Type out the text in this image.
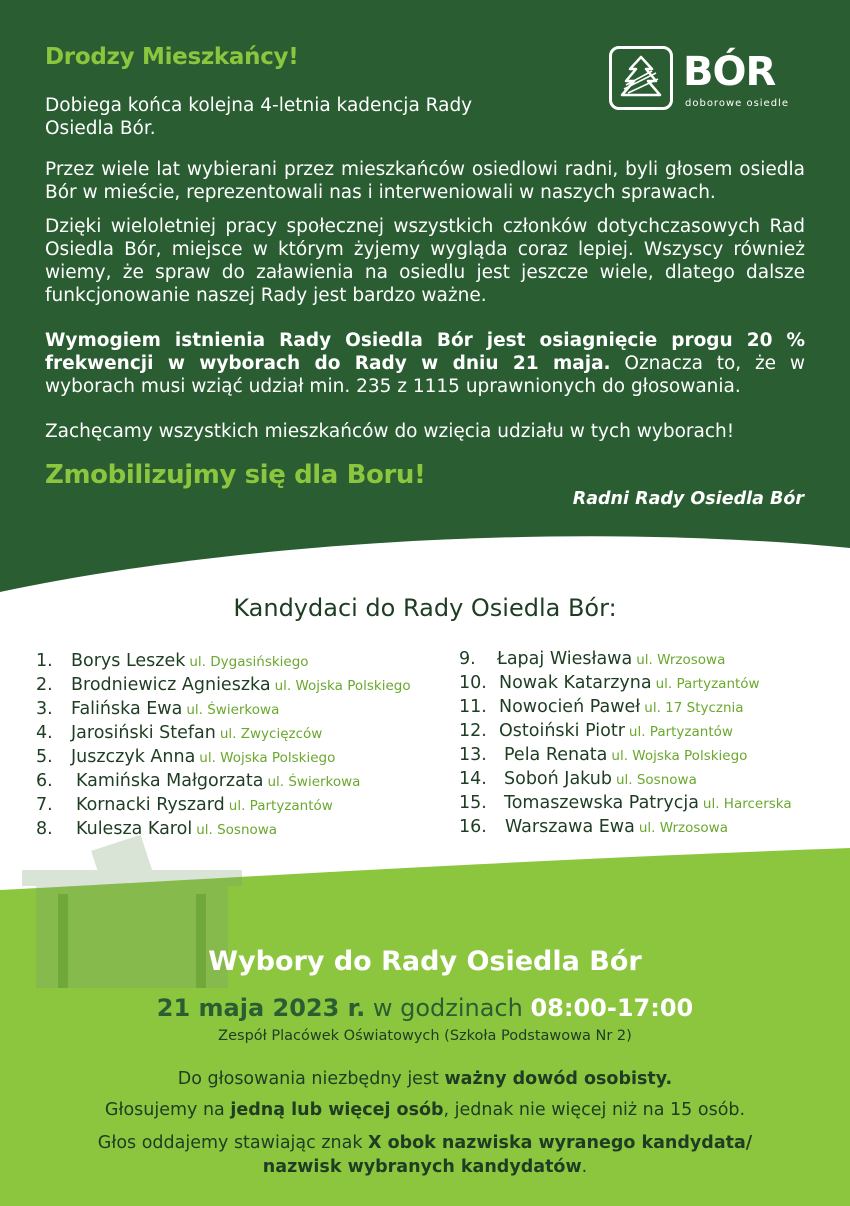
BÓR
doborowe osiedle
Drodzy Mieszkańcy!
Dobiega końca kolejna 4-letnia kadencja Rady Osiedla Bór.
Przez wiele lat wybierani przez mieszkańców osiedlowi radni, byli głosem osiedla Bór w mieście, reprezentowali nas i interweniowali w naszych sprawach.
Dzięki wieloletniej pracy społecznej wszystkich członków dotychczasowych Rad Osiedla Bór, miejsce w którym żyjemy wygląda coraz lepiej. Wszyscy również wiemy, że spraw do załawienia na osiedlu jest jeszcze wiele, dlatego dalsze funkcjonowanie naszej Rady jest bardzo ważne.
Wymogiem istnienia Rady Osiedla Bór jest osiagnięcie progu 20 % frekwencji w wyborach do Rady w dniu 21 maja. Oznacza to, że w wyborach musi wziąć udział min. 235 z 1115 uprawnionych do głosowania.
Zachęcamy wszystkich mieszkańców do wzięcia udziału w tych wyborach!
Zmobilizujmy się dla Boru!
Radni Rady Osiedla Bór
Kandydaci do Rady Osiedla Bór:
1. Borys Leszek ul. Dygasińskiego
2. Brodniewicz Agnieszka ul. Wojska Polskiego
3. Falińska Ewa ul. Świerkowa
4. Jarosiński Stefan ul. Zwycięzców
5. Juszczyk Anna ul. Wojska Polskiego
6. Kamińska Małgorzata ul. Świerkowa
7. Kornacki Ryszard ul. Partyzantów
8. Kulesza Karol ul. Sosnowa
9. Łapaj Wiesława ul. Wrzosowa
10. Nowak Katarzyna ul. Partyzantów
11. Nowocień Paweł ul. 17 Stycznia
12. Ostoiński Piotr ul. Partyzantów
13. Pela Renata ul. Wojska Polskiego
14. Soboń Jakub ul. Sosnowa
15. Tomaszewska Patrycja ul. Harcerska
16. Warszawa Ewa ul. Wrzosowa
Wybory do Rady Osiedla Bór
21 maja 2023 r. w godzinach 08:00-17:00
Zespół Placówek Oświatowych (Szkoła Podstawowa Nr 2)
Do głosowania niezbędny jest ważny dowód osobisty.
Głosujemy na jedną lub więcej osób, jednak nie więcej niż na 15 osób.
Głos oddajemy stawiając znak X obok nazwiska wyranego kandydata/
nazwisk wybranych kandydatów.
